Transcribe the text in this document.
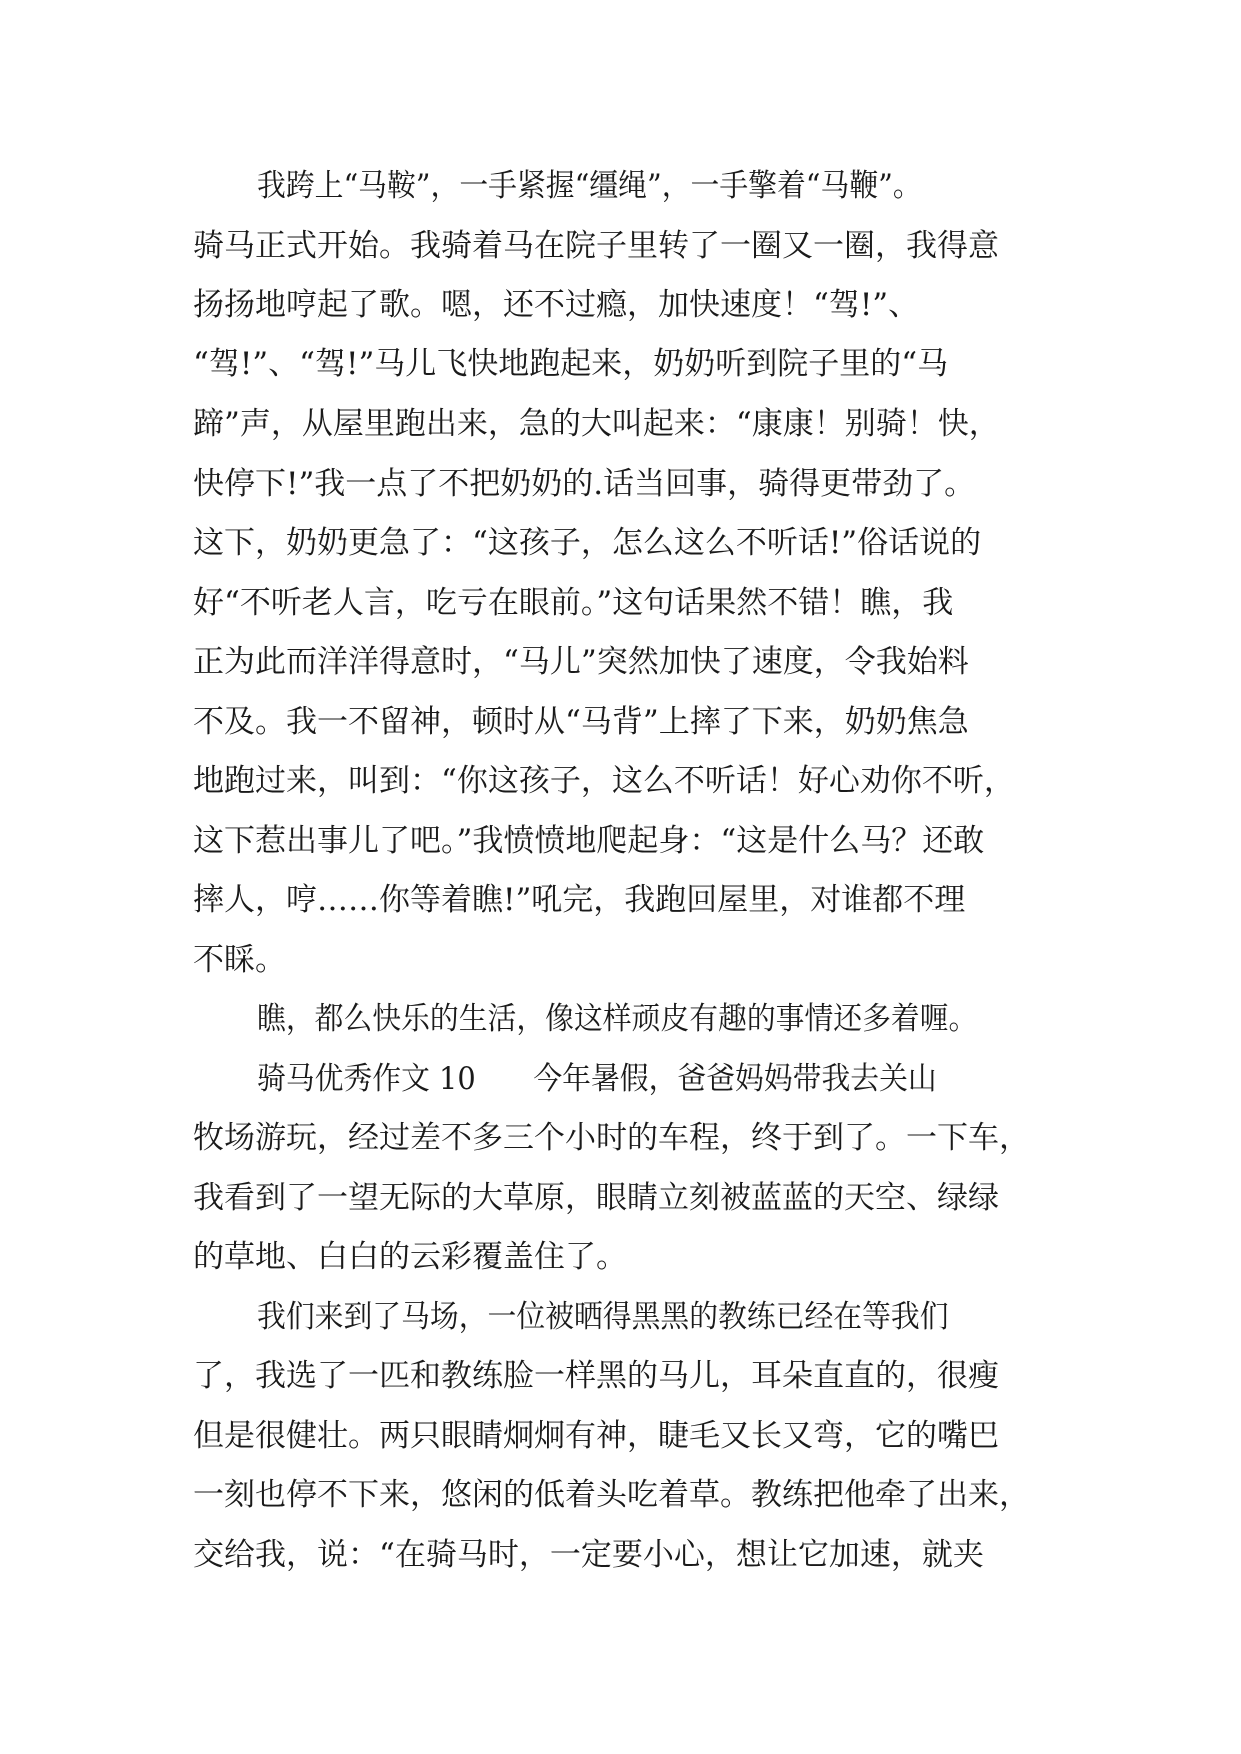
我跨上“马鞍”，一手紧握“缰绳”，一手擎着“马鞭”。
骑马正式开始。我骑着马在院子里转了一圈又一圈，我得意
扬扬地哼起了歌。嗯，还不过瘾，加快速度！“驾!”、
“驾!”、“驾!”马儿飞快地跑起来，奶奶听到院子里的“马
蹄”声，从屋里跑出来，急的大叫起来：“康康！别骑！快，
快停下!”我一点了不把奶奶的.话当回事，骑得更带劲了。
这下，奶奶更急了：“这孩子，怎么这么不听话!”俗话说的
好“不听老人言，吃亏在眼前。”这句话果然不错！瞧，我
正为此而洋洋得意时，“马儿”突然加快了速度，令我始料
不及。我一不留神，顿时从“马背”上摔了下来，奶奶焦急
地跑过来，叫到：“你这孩子，这么不听话！好心劝你不听，
这下惹出事儿了吧。”我愤愤地爬起身：“这是什么马？还敢
摔人，哼……你等着瞧!”吼完，我跑回屋里，对谁都不理
不睬。
瞧，都么快乐的生活，像这样顽皮有趣的事情还多着喱。
骑马优秀作文 10　　今年暑假，爸爸妈妈带我去关山
牧场游玩，经过差不多三个小时的车程，终于到了。一下车，
我看到了一望无际的大草原，眼睛立刻被蓝蓝的天空、绿绿
的草地、白白的云彩覆盖住了。
我们来到了马场，一位被晒得黑黑的教练已经在等我们
了，我选了一匹和教练脸一样黑的马儿，耳朵直直的，很瘦
但是很健壮。两只眼睛炯炯有神，睫毛又长又弯，它的嘴巴
一刻也停不下来，悠闲的低着头吃着草。教练把他牵了出来，
交给我，说：“在骑马时，一定要小心，想让它加速，就夹
